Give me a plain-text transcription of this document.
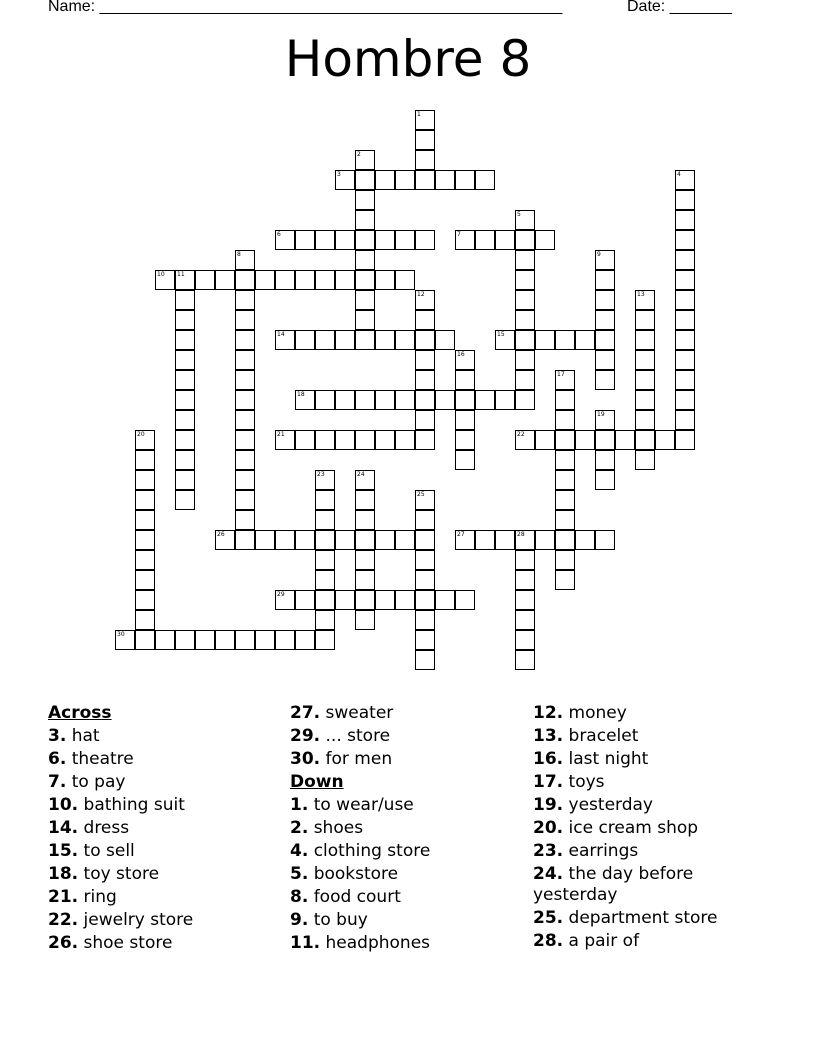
Name: ____________________________________________________	Date: _______
Hombre 8
1
2
3	4
5
6	7
8	9
10 11
12	13
14	15
16
17
18
19
20	21	22
23	24
25
26	27	28
29
30
Across
3. hat
6. theatre
7. to pay
10. bathing suit
14. dress
15. to sell
18. toy store
21. ring
22. jewelry store
26. shoe store
27. sweater
29. ... store
30. for men
Down
1. to wear/use
2. shoes
4. clothing store
5. bookstore
8. food court
9. to buy
11. headphones
12. money
13. bracelet
16. last night
17. toys
19. yesterday
20. ice cream shop
23. earrings
24. the day before yesterday
25. department store
28. a pair of
